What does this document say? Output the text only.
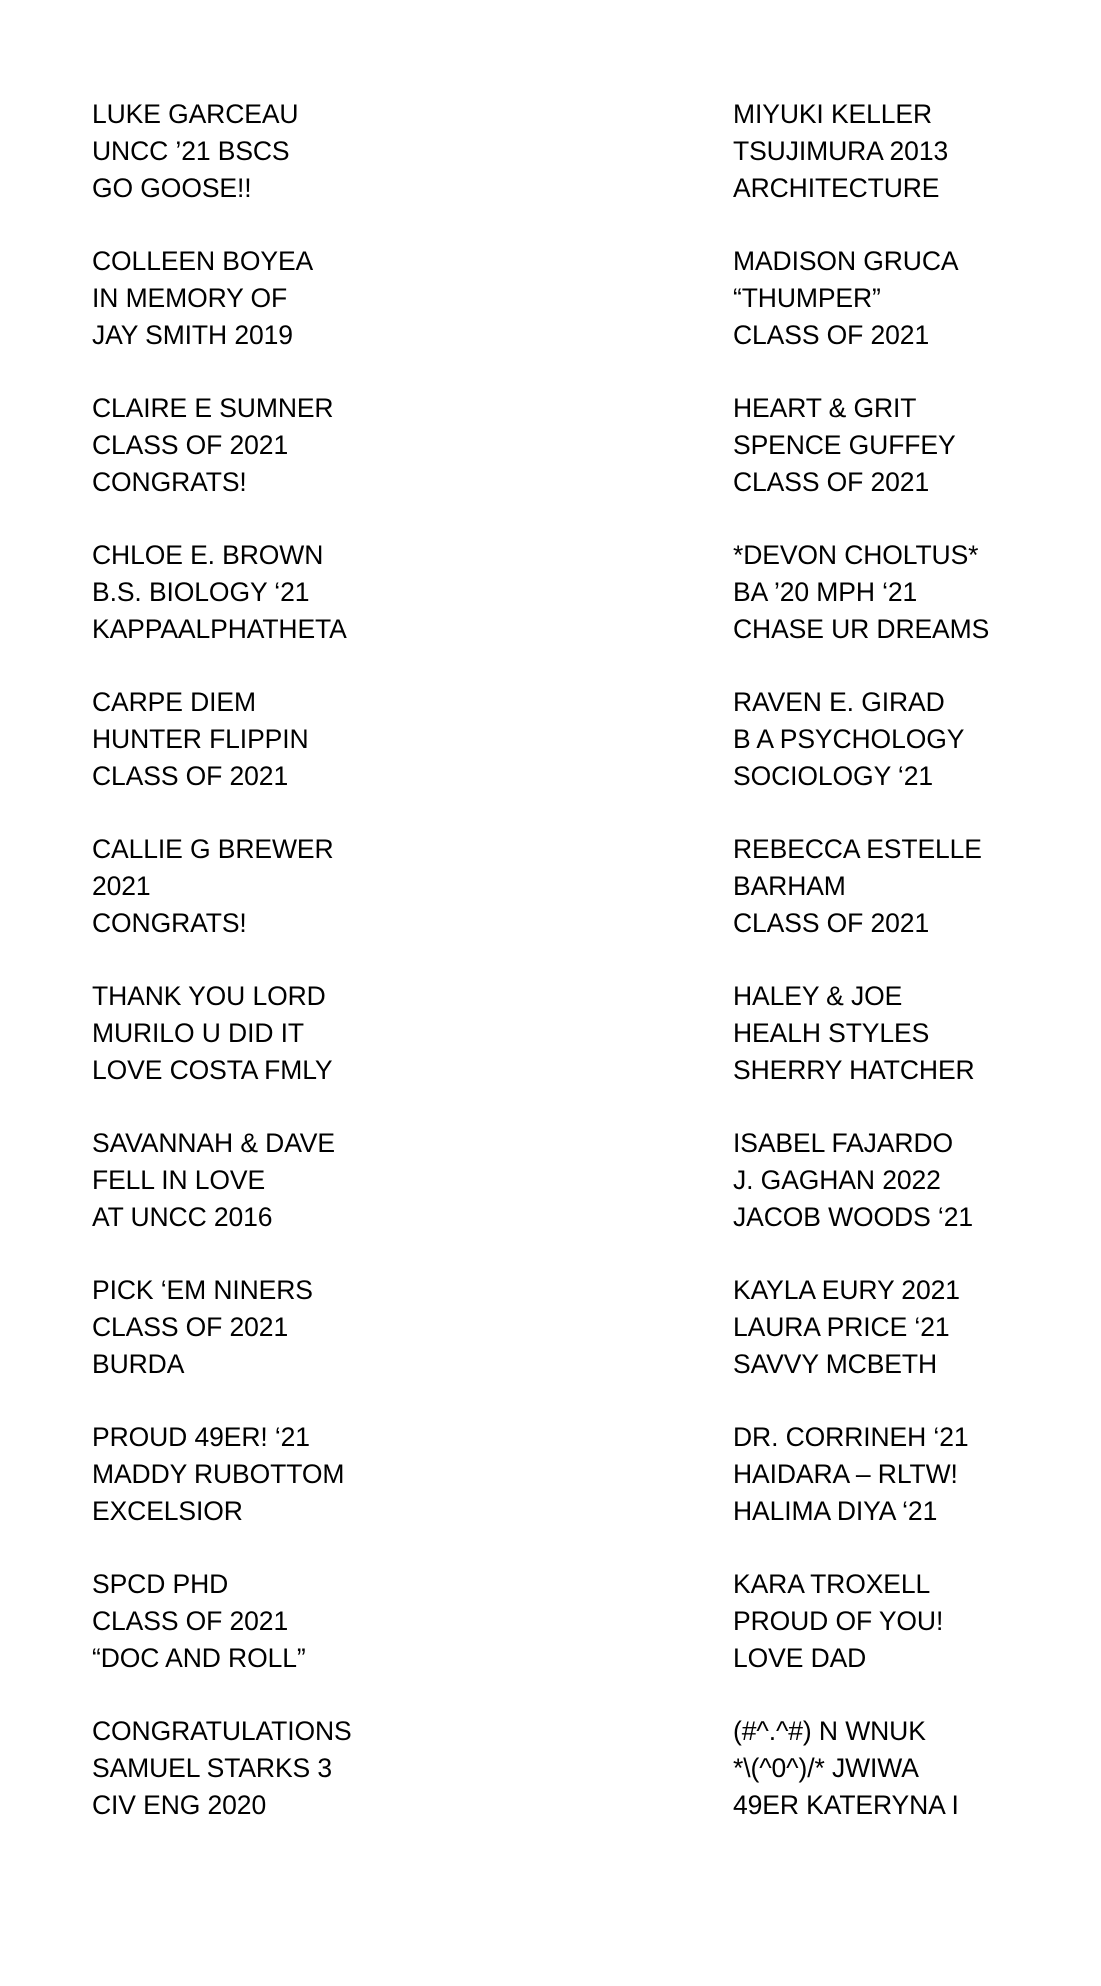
LUKE GARCEAU
UNCC ’21 BSCS
GO GOOSE!!
COLLEEN BOYEA
IN MEMORY OF
JAY SMITH 2019
CLAIRE E SUMNER
CLASS OF 2021
CONGRATS!
CHLOE E. BROWN
B.S. BIOLOGY ‘21
KAPPAALPHATHETA
CARPE DIEM
HUNTER FLIPPIN
CLASS OF 2021
CALLIE G BREWER
2021
CONGRATS!
THANK YOU LORD
MURILO U DID IT
LOVE COSTA FMLY
SAVANNAH & DAVE
FELL IN LOVE
AT UNCC 2016
PICK ‘EM NINERS
CLASS OF 2021
BURDA
PROUD 49ER! ‘21
MADDY RUBOTTOM
EXCELSIOR
SPCD PHD
CLASS OF 2021
“DOC AND ROLL”
CONGRATULATIONS
SAMUEL STARKS 3
CIV ENG 2020
MIYUKI KELLER
TSUJIMURA 2013
ARCHITECTURE
MADISON GRUCA
“THUMPER”
CLASS OF 2021
HEART & GRIT
SPENCE GUFFEY
CLASS OF 2021
*DEVON CHOLTUS*
BA ’20 MPH ‘21
CHASE UR DREAMS
RAVEN E. GIRAD
B A PSYCHOLOGY
SOCIOLOGY ‘21
REBECCA ESTELLE
BARHAM
CLASS OF 2021
HALEY & JOE
HEALH STYLES
SHERRY HATCHER
ISABEL FAJARDO
J. GAGHAN 2022
JACOB WOODS ‘21
KAYLA EURY 2021
LAURA PRICE ‘21
SAVVY MCBETH
DR. CORRINEH ‘21
HAIDARA – RLTW!
HALIMA DIYA ‘21
KARA TROXELL
PROUD OF YOU!
LOVE DAD
(#^.^#) N WNUK
*\(^0^)/* JWIWA
49ER KATERYNA I
